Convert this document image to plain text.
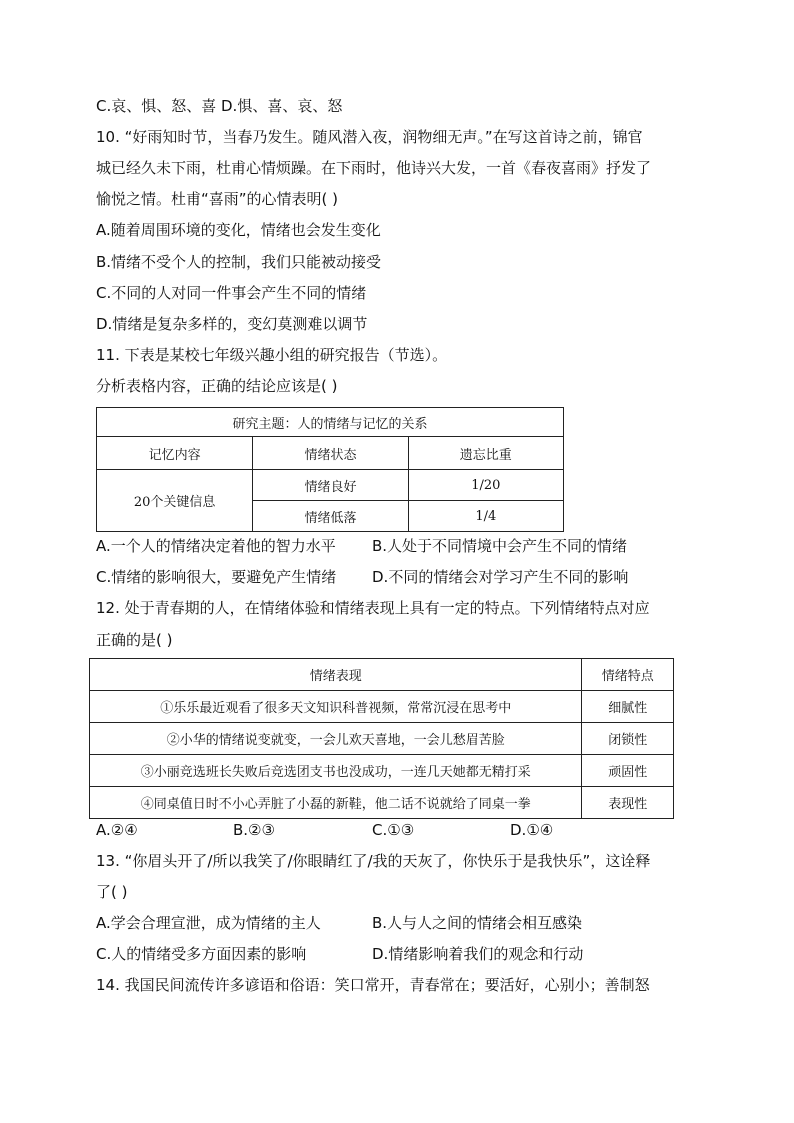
C.哀、惧、怒、喜 D.惧、喜、哀、怒
10. “好雨知时节，当春乃发生。随风潜入夜，润物细无声。”在写这首诗之前，锦官
城已经久未下雨，杜甫心情烦躁。在下雨时，他诗兴大发，一首《春夜喜雨》抒发了
愉悦之情。杜甫“喜雨”的心情表明( )
A.随着周围环境的变化，情绪也会发生变化
B.情绪不受个人的控制，我们只能被动接受
C.不同的人对同一件事会产生不同的情绪
D.情绪是复杂多样的，变幻莫测难以调节
11. 下表是某校七年级兴趣小组的研究报告（节选）。
分析表格内容，正确的结论应该是( )
研究主题：人的情绪与记忆的关系		
记忆内容	情绪状态	遗忘比重
20个关键信息	情绪良好	1/20
	情绪低落	1/4
A.一个人的情绪决定着他的智力水平 B.人处于不同情境中会产生不同的情绪
C.情绪的影响很大，要避免产生情绪 D.不同的情绪会对学习产生不同的影响
12. 处于青春期的人，在情绪体验和情绪表现上具有一定的特点。下列情绪特点对应
正确的是( )
情绪表现	情绪特点
①乐乐最近观看了很多天文知识科普视频，常常沉浸在思考中	细腻性
②小华的情绪说变就变，一会儿欢天喜地，一会儿愁眉苦脸	闭锁性
③小丽竞选班长失败后竞选团支书也没成功，一连几天她都无精打采	顽固性
④同桌值日时不小心弄脏了小磊的新鞋，他二话不说就给了同桌一拳	表现性
A.②④	B.②③	C.①③	D.①④
13. “你眉头开了/所以我笑了/你眼睛红了/我的天灰了，你快乐于是我快乐”，这诠释
了( )
A.学会合理宣泄，成为情绪的主人	B.人与人之间的情绪会相互感染
C.人的情绪受多方面因素的影响	D.情绪影响着我们的观念和行动
14. 我国民间流传许多谚语和俗语：笑口常开，青春常在；要活好，心别小；善制怒
